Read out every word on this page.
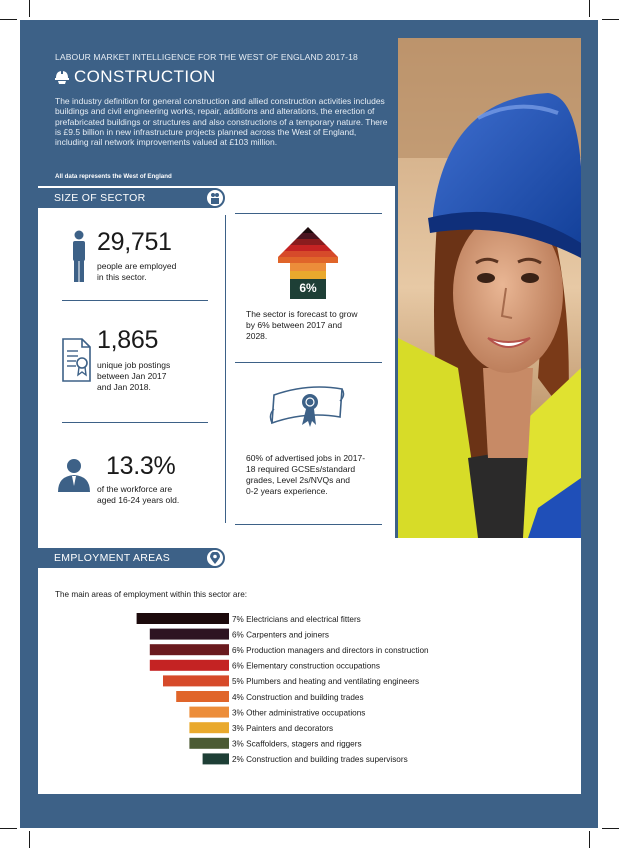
LABOUR MARKET INTELLIGENCE FOR THE WEST OF ENGLAND 2017-18
CONSTRUCTION
The industry definition for general construction and allied construction activities includes buildings and civil engineering works, repair, additions and alterations, the erection of prefabricated buildings or structures and also constructions of a temporary nature. There is £9.5 billion in new infrastructure projects planned across the West of England, including rail network improvements valued at £103 million.
All data represents the West of England
SIZE OF SECTOR
29,751
people are employed
in this sector.
1,865
unique job postings
between Jan 2017
and Jan 2018.
13.3%
of the workforce are
aged 16-24 years old.
6%
The sector is forecast to grow
by 6% between 2017 and
2028.
60% of advertised jobs in 2017-
18 required GCSEs/standard
grades, Level 2s/NVQs and
0-2 years experience.
EMPLOYMENT AREAS
The main areas of employment within this sector are:
7% Electricians and electrical fitters
6% Carpenters and joiners
6% Production managers and directors in construction
6% Elementary construction occupations
5% Plumbers and heating and ventilating engineers
4% Construction and building trades
3% Other administrative occupations
3% Painters and decorators
3% Scaffolders, stagers and riggers
2% Construction and building trades supervisors
